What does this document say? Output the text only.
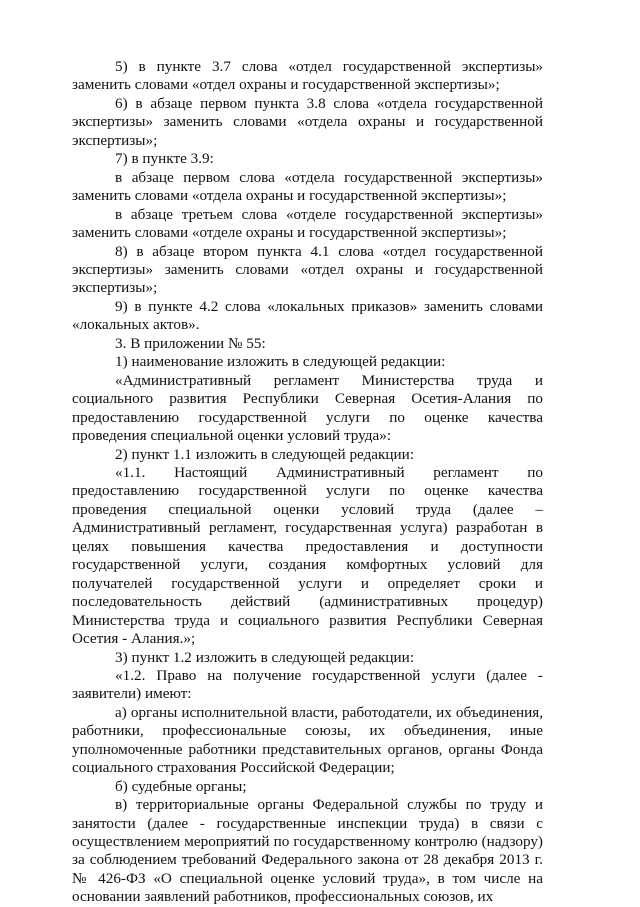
5) в пункте 3.7 слова «отдел государственной экспертизы» заменить словами «отдел охраны и государственной экспертизы»;

6) в абзаце первом пункта 3.8 слова «отдела государственной экспертизы» заменить словами «отдела охраны и государственной экспертизы»;

7) в пункте 3.9:

в абзаце первом слова «отдела государственной экспертизы» заменить словами «отдела охраны и государственной экспертизы»;

в абзаце третьем слова «отделе государственной экспертизы» заменить словами «отделе охраны и государственной экспертизы»;

8) в абзаце втором пункта 4.1 слова «отдел государственной экспертизы» заменить словами «отдел охраны и государственной экспертизы»;

9) в пункте 4.2 слова «локальных приказов» заменить словами «локальных актов».

3. В приложении № 55:

1) наименование изложить в следующей редакции:

«Административный регламент Министерства труда и социального развития Республики Северная Осетия-Алания по предоставлению государственной услуги по оценке качества проведения специальной оценки условий труда»:

2) пункт 1.1 изложить в следующей редакции:

«1.1. Настоящий Административный регламент по предоставлению государственной услуги по оценке качества проведения специальной оценки условий труда (далее – Административный регламент, государственная услуга) разработан в целях повышения качества предоставления и доступности государственной услуги, создания комфортных условий для получателей государственной услуги и определяет сроки и последовательность действий (административных процедур) Министерства труда и социального развития Республики Северная Осетия - Алания.»;

3) пункт 1.2 изложить в следующей редакции:

«1.2. Право на получение государственной услуги (далее - заявители) имеют:

а) органы исполнительной власти, работодатели, их объединения, работники, профессиональные союзы, их объединения, иные уполномоченные работники представительных органов, органы Фонда социального страхования Российской Федерации;

б) судебные органы;

в) территориальные органы Федеральной службы по труду и занятости (далее - государственные инспекции труда) в связи с осуществлением мероприятий по государственному контролю (надзору) за соблюдением требований Федерального закона от 28 декабря 2013 г. № 426-ФЗ «О специальной оценке условий труда», в том числе на основании заявлений работников, профессиональных союзов, их
